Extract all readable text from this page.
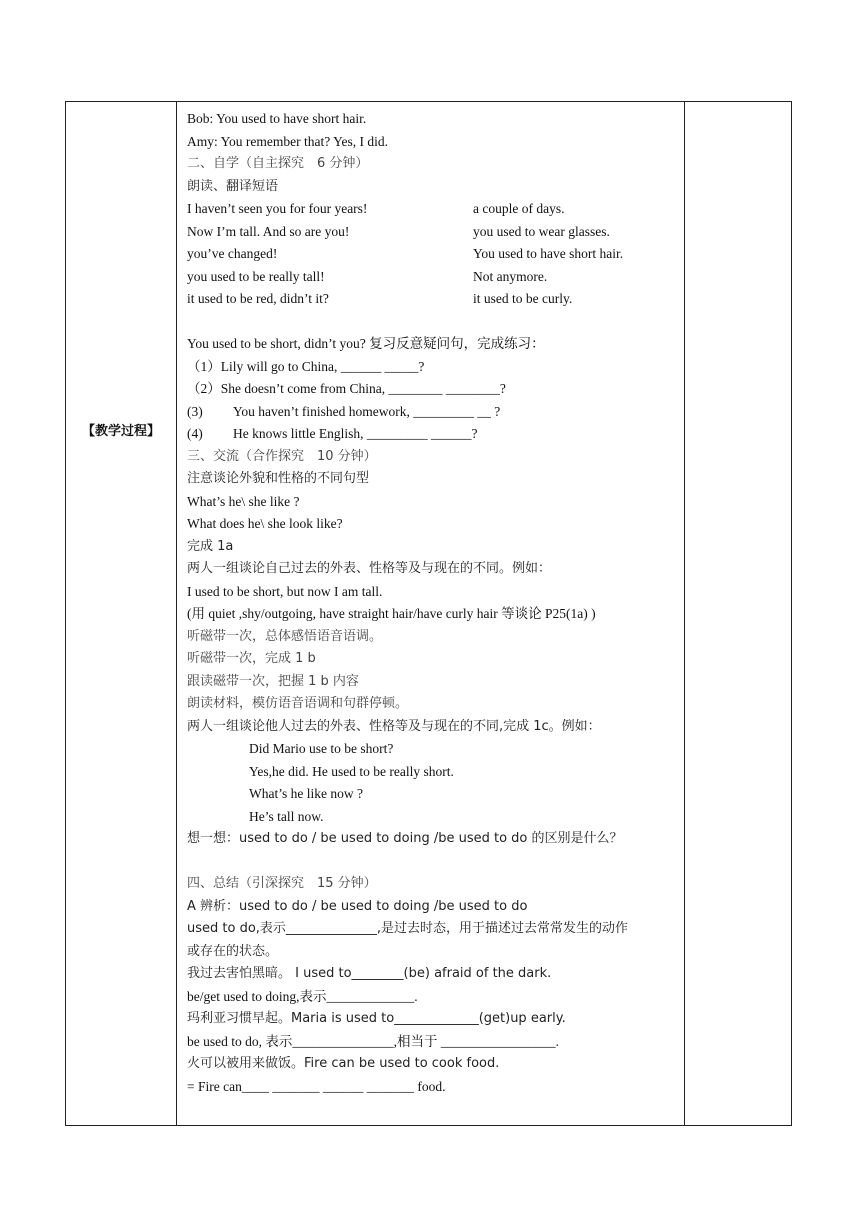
【教学过程】
Bob: You used to have short hair.
Amy: You remember that? Yes, I did.
二、自学（自主探究　6 分钟）
朗读、翻译短语
I haven’t seen you for four years!	a couple of days.
Now I’m tall. And so are you!	you used to wear glasses.
you’ve changed!	You used to have short hair.
you used to be really tall!	Not anymore.
it used to be red, didn’t it?	it used to be curly.
You used to be short, didn’t you? 复习反意疑问句，完成练习：
（1）Lily will go to China, ______ _____?
（2）She doesn’t come from China, ________ ________?
(3) You haven’t finished homework, _________ __ ?
(4) He knows little English, _________ ______?
三、交流（合作探究　10 分钟）
注意谈论外貌和性格的不同句型
What’s he\ she like ?
What does he\ she look like?
完成 1a
两人一组谈论自己过去的外表、性格等及与现在的不同。例如：
I used to be short, but now I am tall.
(用 quiet ,shy/outgoing, have straight hair/have curly hair 等谈论 P25(1a) )
听磁带一次，总体感悟语音语调。
听磁带一次，完成 1 b
跟读磁带一次，把握 1 b 内容
朗读材料，模仿语音语调和句群停顿。
两人一组谈论他人过去的外表、性格等及与现在的不同,完成 1c。例如：
Did Mario use to be short?
Yes,he did. He used to be really short.
What’s he like now ?
He’s tall now.
想一想：used to do / be used to doing /be used to do 的区别是什么？
四、总结（引深探究　15 分钟）
A 辨析：used to do / be used to doing /be used to do
used to do,表示______________,是过去时态，用于描述过去常常发生的动作
或存在的状态。
我过去害怕黑暗。 I used to________(be) afraid of the dark.
be/get used to doing,表示_____________.
玛利亚习惯早起。Maria is used to_____________(get)up early.
be used to do, 表示_______________,相当于 _________________.
火可以被用来做饭。Fire can be used to cook food.
= Fire can____ _______ ______ _______ food.
